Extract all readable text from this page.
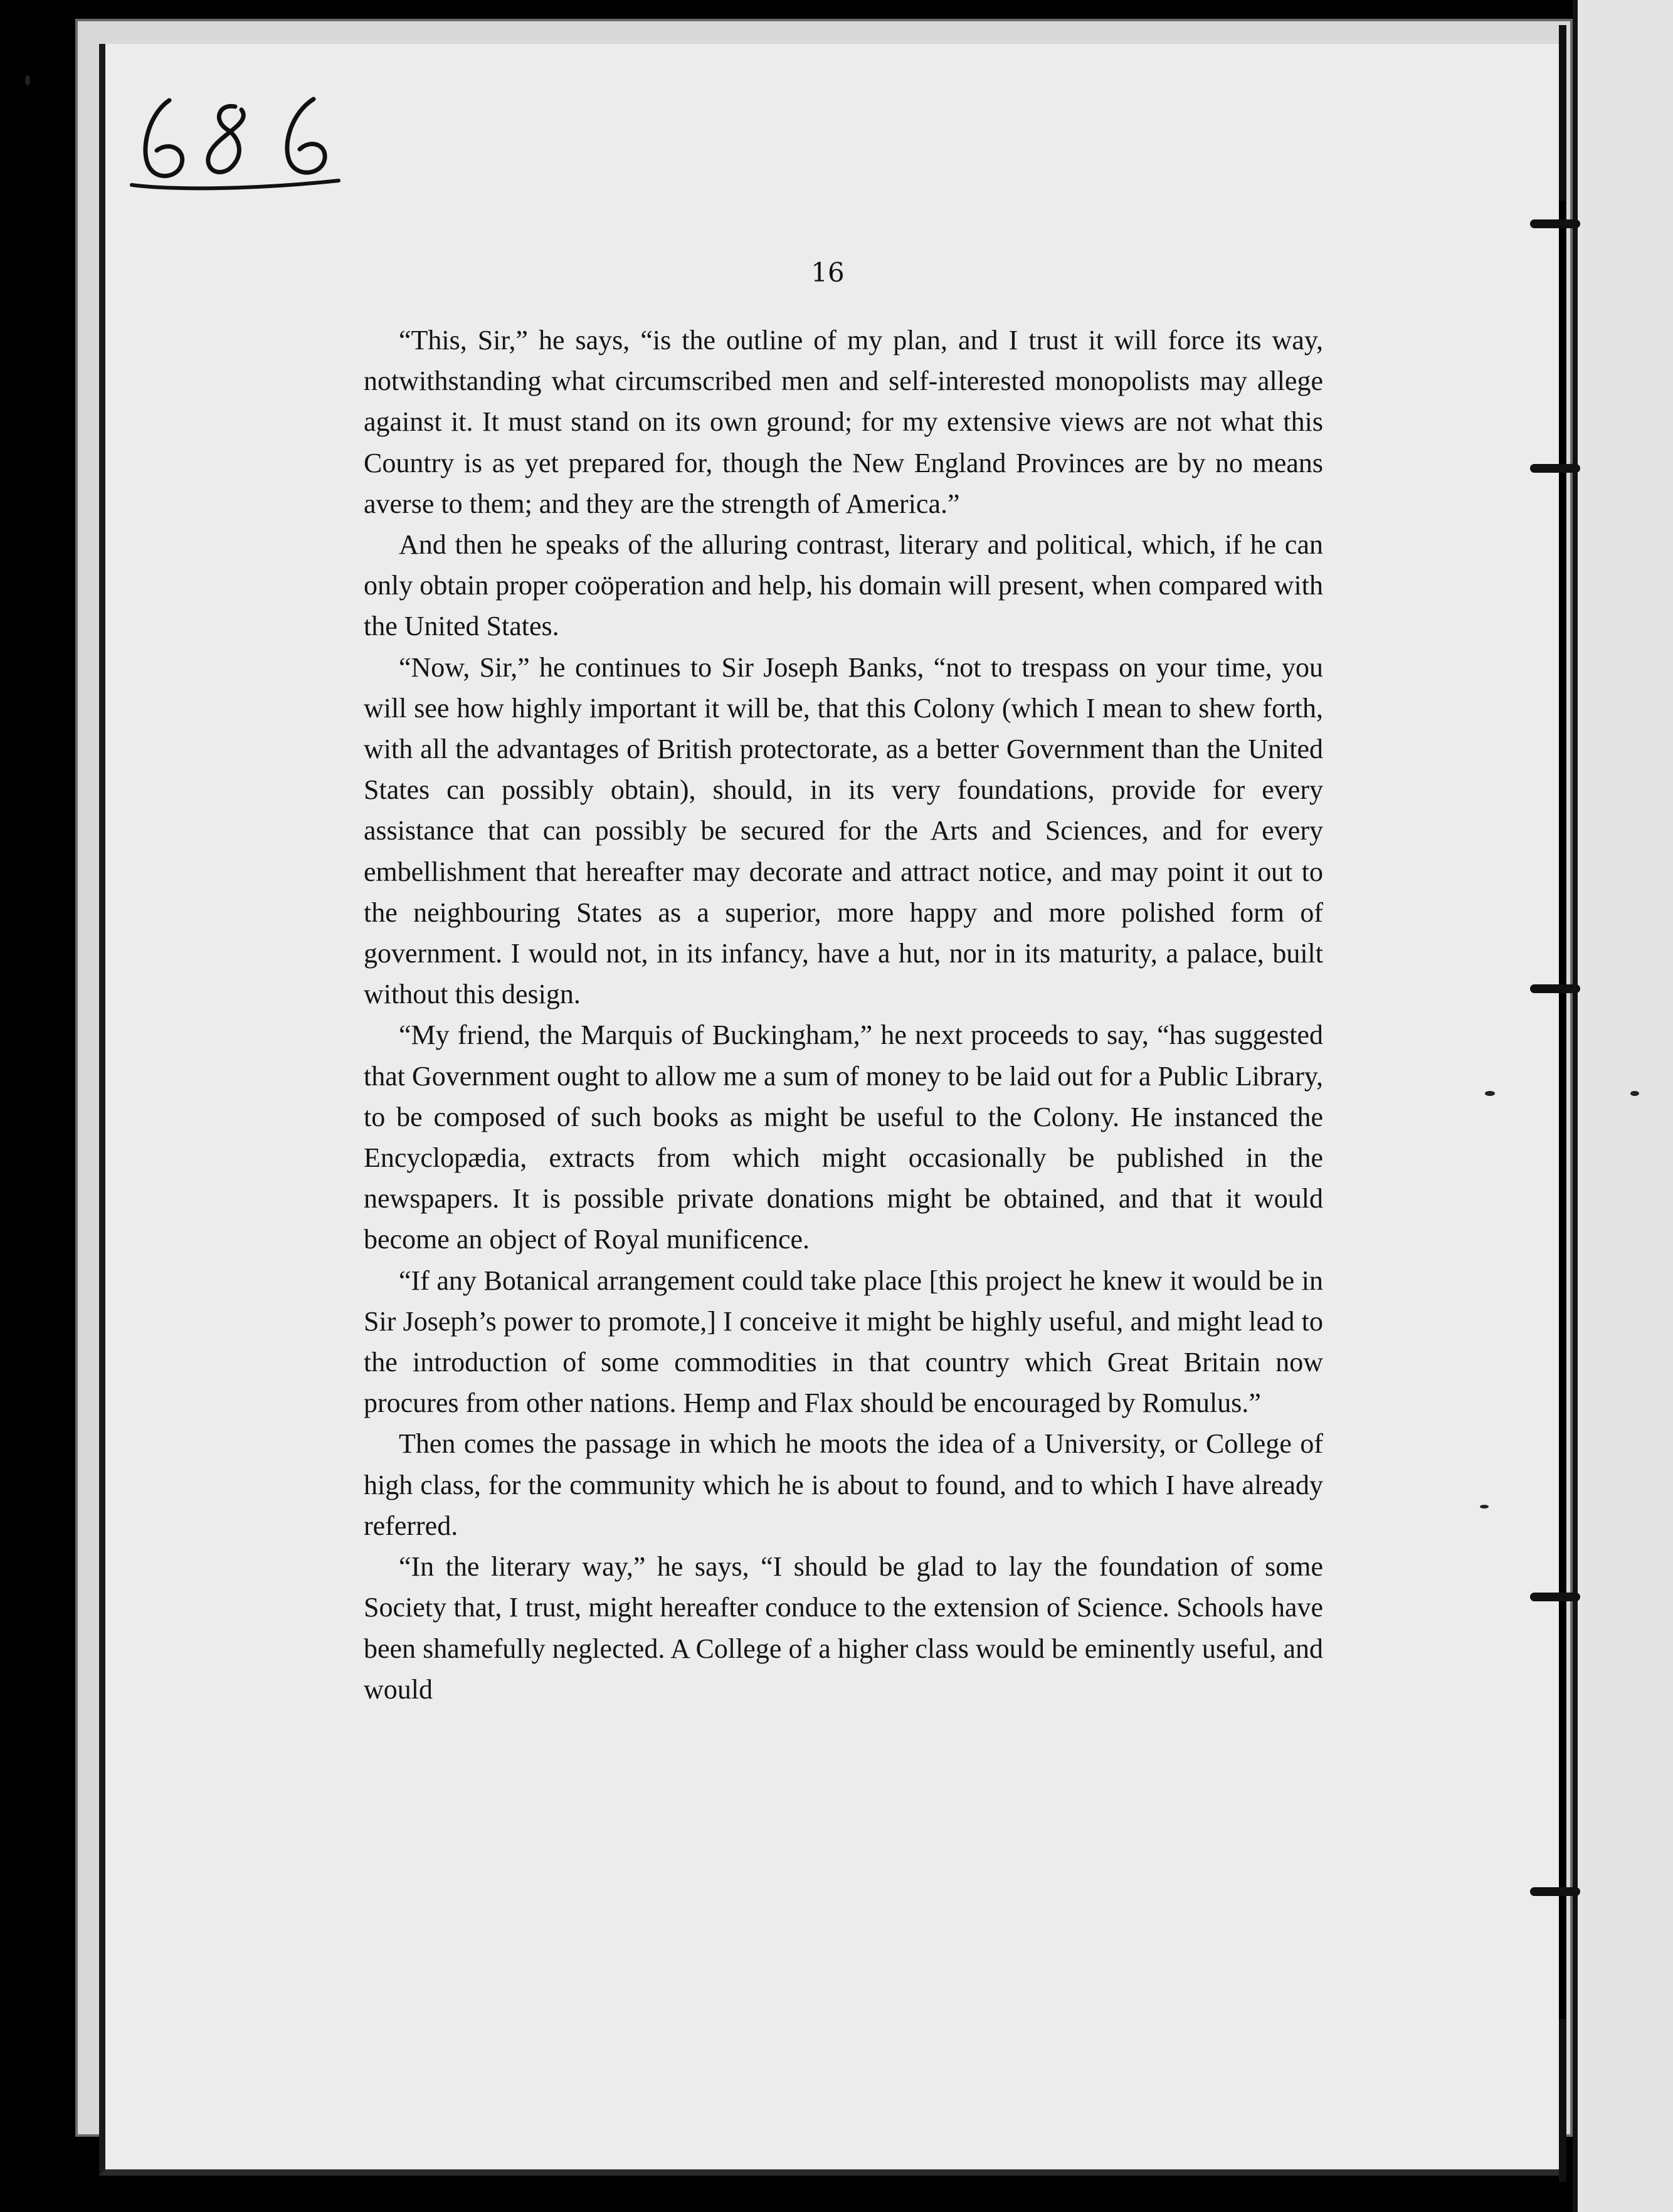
16

“This, Sir,” he says, “is the outline of my plan, and I trust it will force its way, notwithstanding what circumscribed men and self-interested monopolists may allege against it. It must stand on its own ground; for my extensive views are not what this Country is as yet prepared for, though the New England Provinces are by no means averse to them; and they are the strength of America.”

And then he speaks of the alluring contrast, literary and political, which, if he can only obtain proper coöperation and help, his domain will present, when compared with the United States.

“Now, Sir,” he continues to Sir Joseph Banks, “not to trespass on your time, you will see how highly important it will be, that this Colony (which I mean to shew forth, with all the advantages of British protectorate, as a better Government than the United States can possibly obtain), should, in its very foundations, provide for every assistance that can possibly be secured for the Arts and Sciences, and for every embellishment that hereafter may decorate and attract notice, and may point it out to the neighbouring States as a superior, more happy and more polished form of government. I would not, in its infancy, have a hut, nor in its maturity, a palace, built without this design.

“My friend, the Marquis of Buckingham,” he next proceeds to say, “has suggested that Government ought to allow me a sum of money to be laid out for a Public Library, to be composed of such books as might be useful to the Colony. He instanced the Encyclopædia, extracts from which might occasionally be published in the newspapers. It is possible private donations might be obtained, and that it would become an object of Royal munificence.

“If any Botanical arrangement could take place [this project he knew it would be in Sir Joseph’s power to promote,] I conceive it might be highly useful, and might lead to the introduction of some commodities in that country which Great Britain now procures from other nations. Hemp and Flax should be encouraged by Romulus.”

Then comes the passage in which he moots the idea of a University, or College of high class, for the community which he is about to found, and to which I have already referred.

“In the literary way,” he says, “I should be glad to lay the foundation of some Society that, I trust, might hereafter conduce to the extension of Science. Schools have been shamefully neglected. A College of a higher class would be eminently useful, and would
